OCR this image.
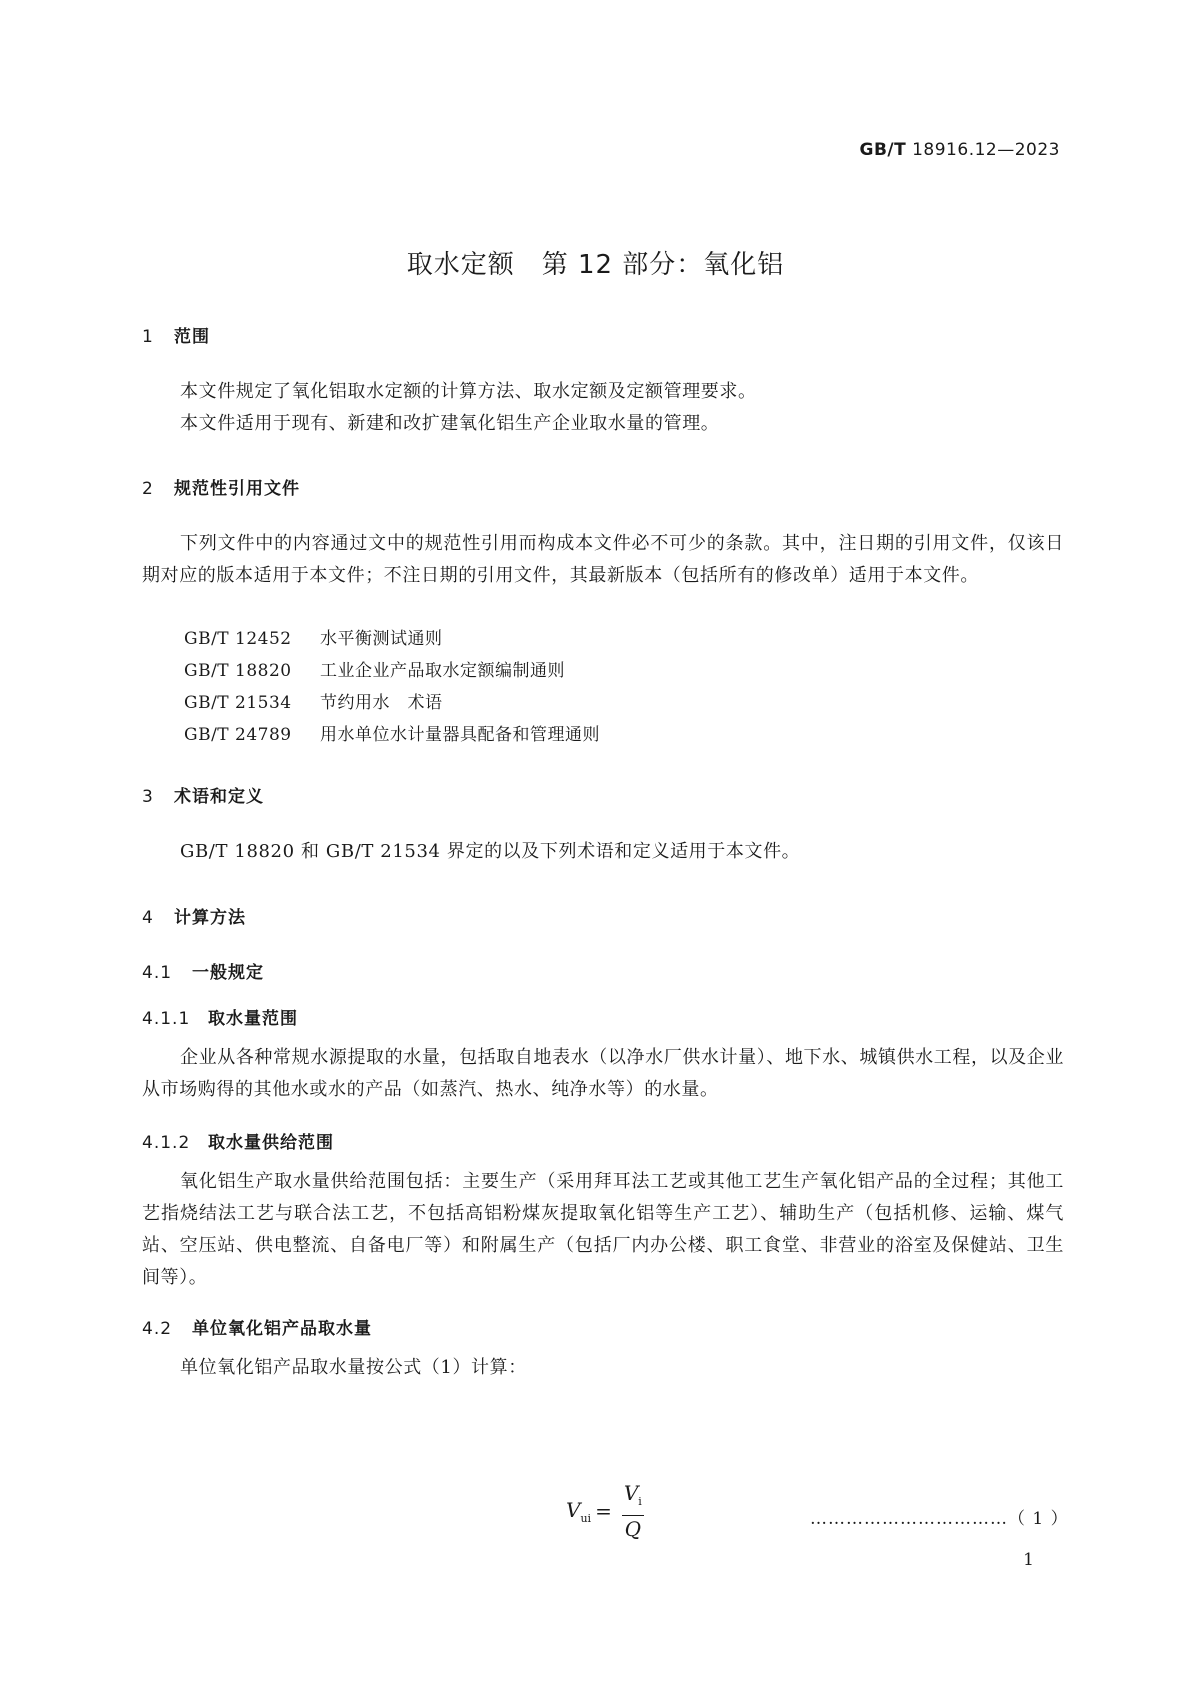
GB/T 18916.12—2023
取水定额　第 12 部分：氧化铝
1 范围
本文件规定了氧化铝取水定额的计算方法、取水定额及定额管理要求。
本文件适用于现有、新建和改扩建氧化铝生产企业取水量的管理。
2 规范性引用文件
下列文件中的内容通过文中的规范性引用而构成本文件必不可少的条款。其中，注日期的引用文件，仅该日期对应的版本适用于本文件；不注日期的引用文件，其最新版本（包括所有的修改单）适用于本文件。
GB/T 12452 水平衡测试通则
GB/T 18820 工业企业产品取水定额编制通则
GB/T 21534 节约用水　术语
GB/T 24789 用水单位水计量器具配备和管理通则
3 术语和定义
GB/T 18820 和 GB/T 21534 界定的以及下列术语和定义适用于本文件。
4 计算方法
4.1 一般规定
4.1.1 取水量范围
企业从各种常规水源提取的水量，包括取自地表水（以净水厂供水计量）、地下水、城镇供水工程，以及企业从市场购得的其他水或水的产品（如蒸汽、热水、纯净水等）的水量。
4.1.2 取水量供给范围
氧化铝生产取水量供给范围包括：主要生产（采用拜耳法工艺或其他工艺生产氧化铝产品的全过程；其他工艺指烧结法工艺与联合法工艺，不包括高铝粉煤灰提取氧化铝等生产工艺）、辅助生产（包括机修、运输、煤气站、空压站、供电整流、自备电厂等）和附属生产（包括厂内办公楼、职工食堂、非营业的浴室及保健站、卫生间等）。
4.2 单位氧化铝产品取水量
单位氧化铝产品取水量按公式（1）计算：
$V_{ui} = \frac{V_i}{Q}$	……………………………（ 1 ）
1
